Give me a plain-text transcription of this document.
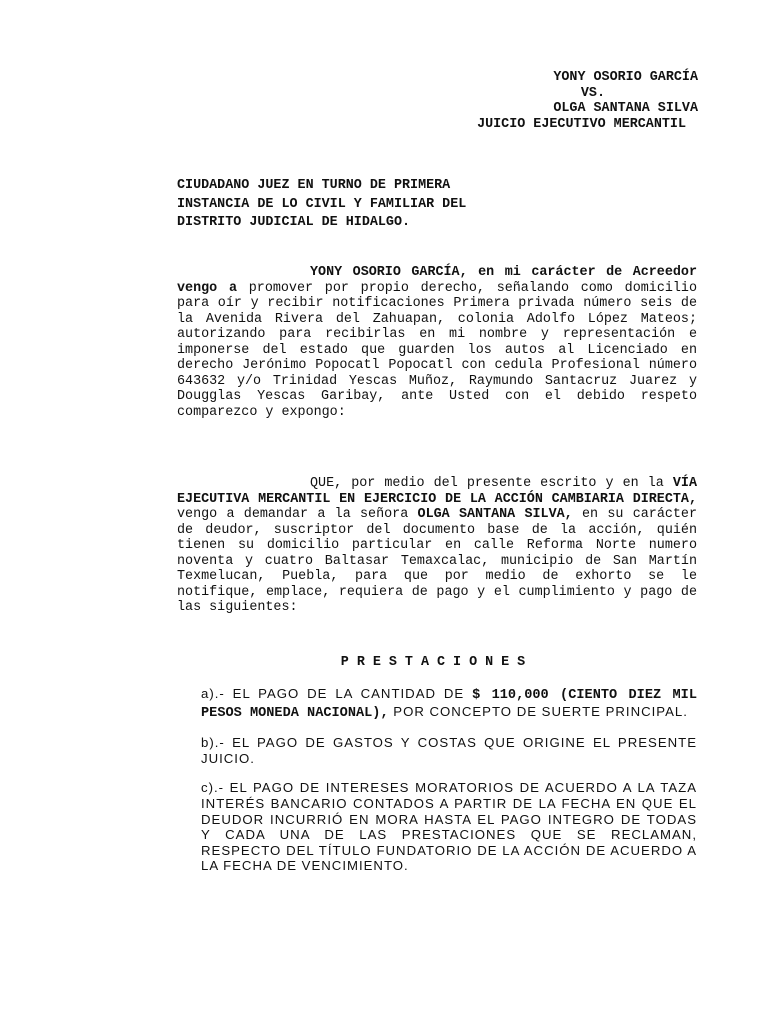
YONY OSORIO GARCÍA
VS.
OLGA SANTANA SILVA
JUICIO EJECUTIVO MERCANTIL
CIUDADANO JUEZ EN TURNO DE PRIMERA
INSTANCIA DE LO CIVIL Y FAMILIAR DEL
DISTRITO JUDICIAL DE HIDALGO.
YONY OSORIO GARCÍA, en mi carácter de Acreedor vengo a promover por propio derecho, señalando como domicilio para oír y recibir notificaciones Primera privada número seis de la Avenida Rivera del Zahuapan, colonia Adolfo López Mateos; autorizando para recibirlas en mi nombre y representación e imponerse del estado que guarden los autos al Licenciado en derecho Jerónimo Popocatl Popocatl con cedula Profesional número 643632 y/o Trinidad Yescas Muñoz, Raymundo Santacruz Juarez y Dougglas Yescas Garibay, ante Usted con el debido respeto comparezco y expongo:
QUE, por medio del presente escrito y en la VÍA EJECUTIVA MERCANTIL EN EJERCICIO DE LA ACCIÓN CAMBIARIA DIRECTA, vengo a demandar a la señora OLGA SANTANA SILVA, en su carácter de deudor, suscriptor del documento base de la acción, quién tienen su domicilio particular en calle Reforma Norte numero noventa y cuatro Baltasar Temaxcalac, municipio de San Martín Texmelucan, Puebla, para que por medio de exhorto se le notifique, emplace, requiera de pago y el cumplimiento y pago de las siguientes:
PRESTACIONES
a).- EL PAGO DE LA CANTIDAD DE $ 110,000 (CIENTO DIEZ MIL PESOS MONEDA NACIONAL), POR CONCEPTO DE SUERTE PRINCIPAL.
b).- EL PAGO DE GASTOS Y COSTAS QUE ORIGINE EL PRESENTE JUICIO.
c).- EL PAGO DE INTERESES MORATORIOS DE ACUERDO A LA TAZA INTERÉS BANCARIO CONTADOS A PARTIR DE LA FECHA EN QUE EL DEUDOR INCURRIÓ EN MORA HASTA EL PAGO INTEGRO DE TODAS Y CADA UNA DE LAS PRESTACIONES QUE SE RECLAMAN, RESPECTO DEL TÍTULO FUNDATORIO DE LA ACCIÓN DE ACUERDO A LA FECHA DE VENCIMIENTO.
